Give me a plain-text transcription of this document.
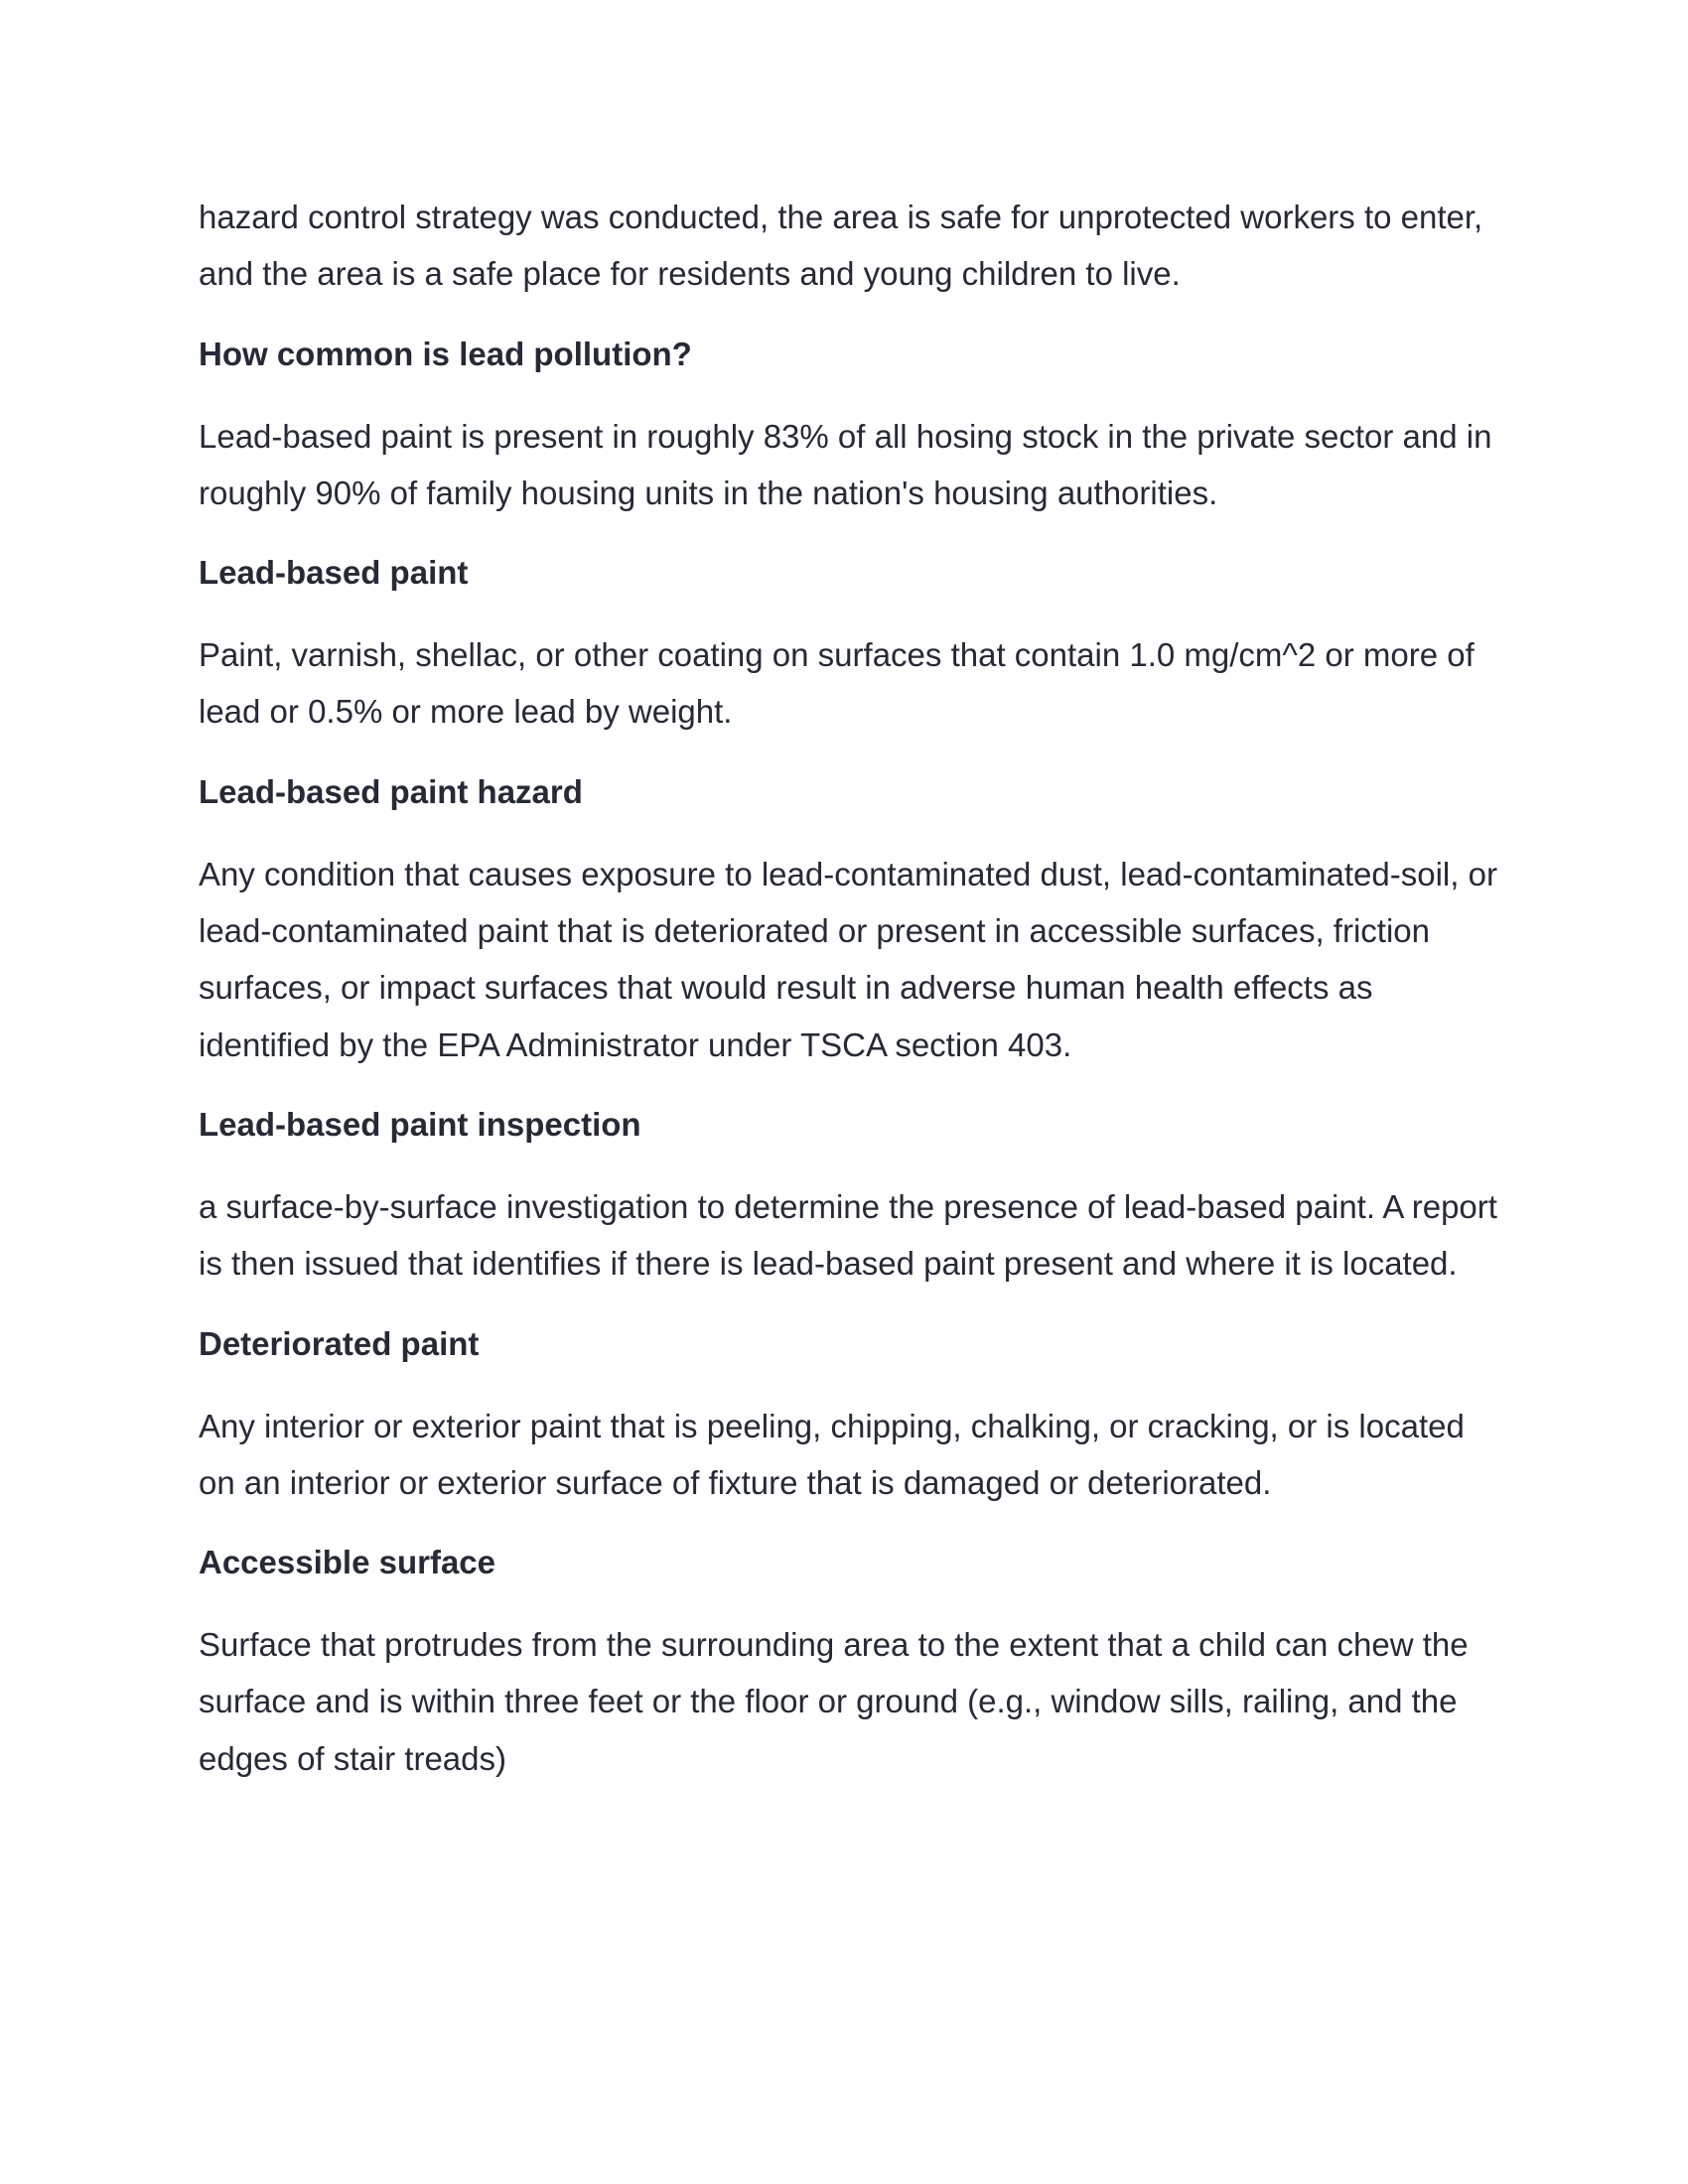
hazard control strategy was conducted, the area is safe for unprotected workers to enter, and the area is a safe place for residents and young children to live.

How common is lead pollution?

Lead-based paint is present in roughly 83% of all hosing stock in the private sector and in roughly 90% of family housing units in the nation's housing authorities.

Lead-based paint

Paint, varnish, shellac, or other coating on surfaces that contain 1.0 mg/cm^2 or more of lead or 0.5% or more lead by weight.

Lead-based paint hazard

Any condition that causes exposure to lead-contaminated dust, lead-contaminated-soil, or lead-contaminated paint that is deteriorated or present in accessible surfaces, friction surfaces, or impact surfaces that would result in adverse human health effects as identified by the EPA Administrator under TSCA section 403.

Lead-based paint inspection

a surface-by-surface investigation to determine the presence of lead-based paint. A report is then issued that identifies if there is lead-based paint present and where it is located.

Deteriorated paint

Any interior or exterior paint that is peeling, chipping, chalking, or cracking, or is located on an interior or exterior surface of fixture that is damaged or deteriorated.

Accessible surface

Surface that protrudes from the surrounding area to the extent that a child can chew the surface and is within three feet or the floor or ground (e.g., window sills, railing, and the edges of stair treads)
